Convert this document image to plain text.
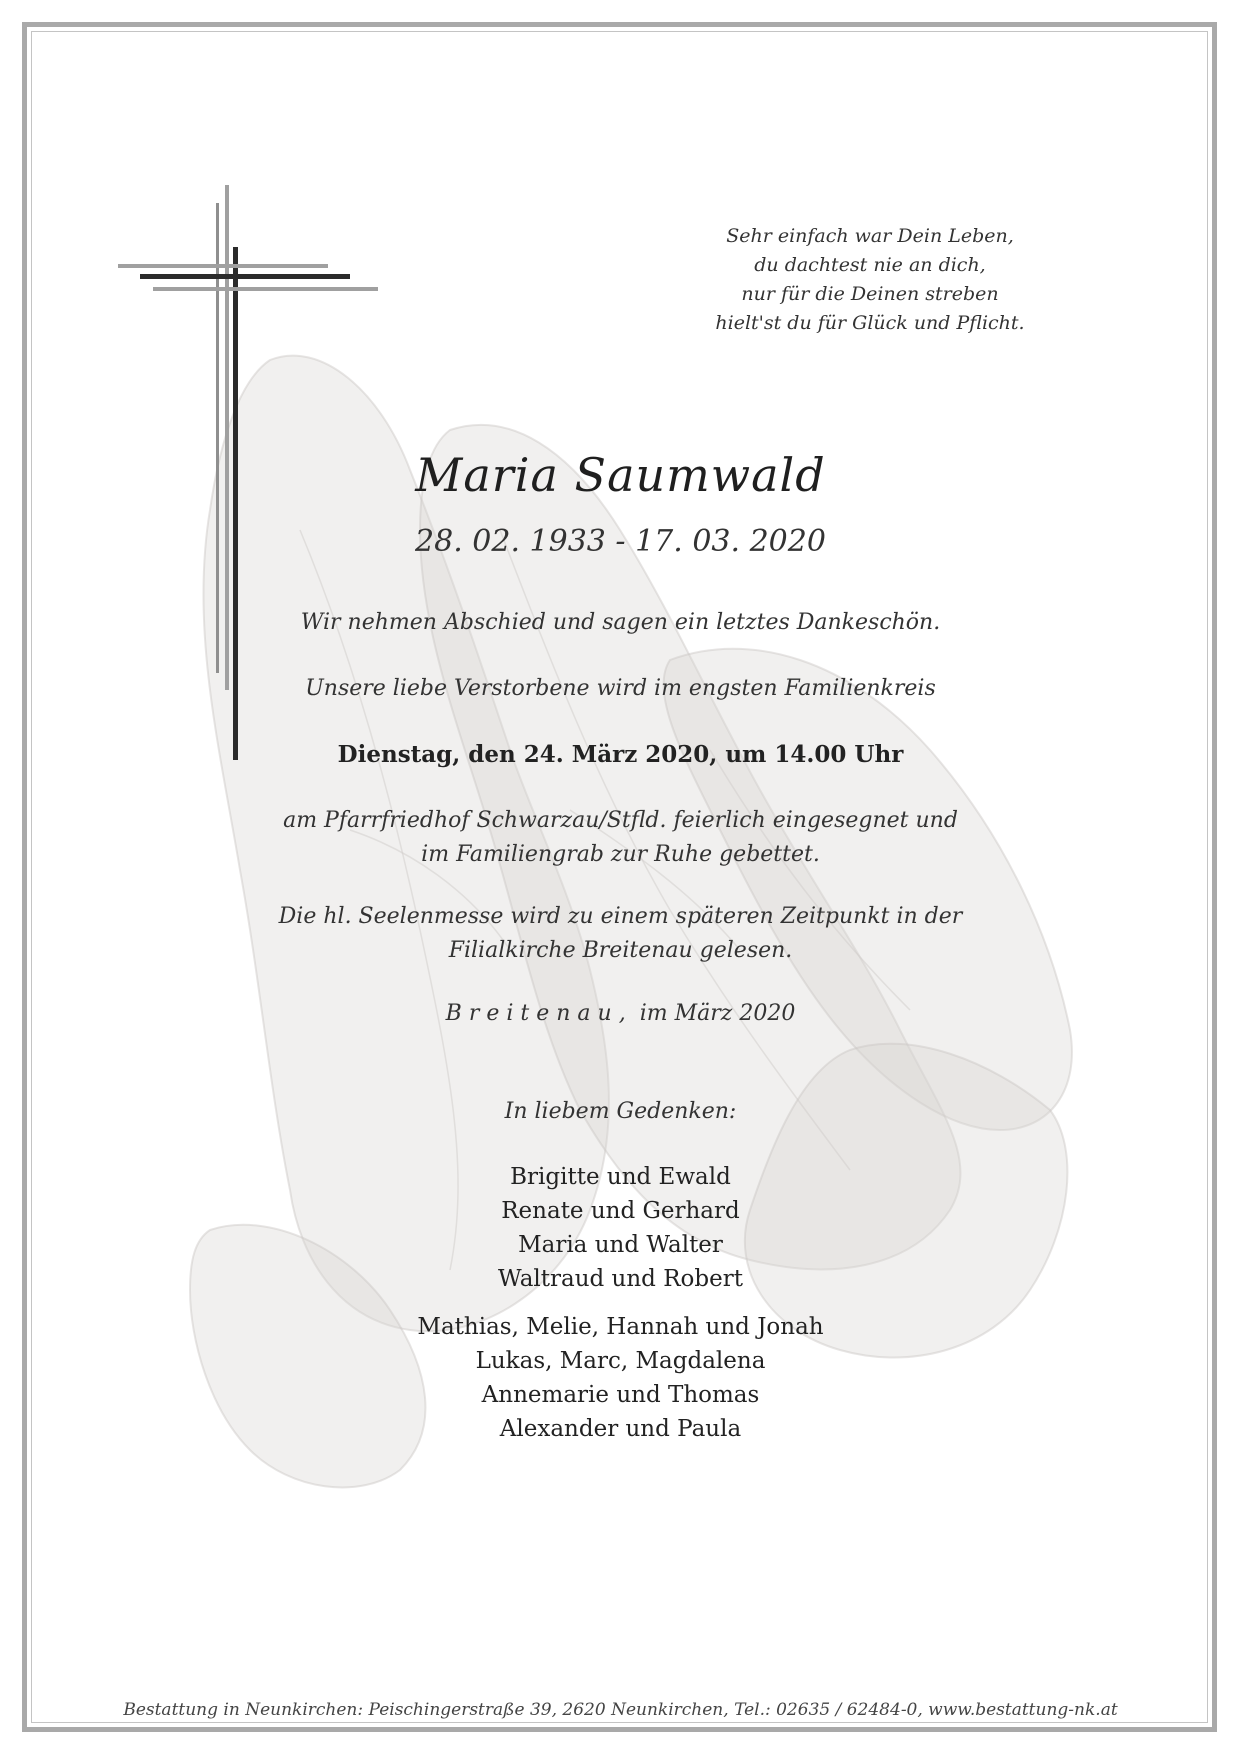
Sehr einfach war Dein Leben,
du dachtest nie an dich,
nur für die Deinen streben
hielt'st du für Glück und Pflicht.
Maria Saumwald
28. 02. 1933 - 17. 03. 2020
Wir nehmen Abschied und sagen ein letztes Dankeschön.
Unsere liebe Verstorbene wird im engsten Familienkreis
Dienstag, den 24. März 2020, um 14.00 Uhr
am Pfarrfriedhof Schwarzau/Stfld. feierlich eingesegnet und
im Familiengrab zur Ruhe gebettet.
Die hl. Seelenmesse wird zu einem späteren Zeitpunkt in der
Filialkirche Breitenau gelesen.
Breitenau, im März 2020
In liebem Gedenken:
Brigitte und Ewald
Renate und Gerhard
Maria und Walter
Waltraud und Robert
Mathias, Melie, Hannah und Jonah
Lukas, Marc, Magdalena
Annemarie und Thomas
Alexander und Paula
Bestattung in Neunkirchen: Peischingerstraße 39, 2620 Neunkirchen, Tel.: 02635 / 62484-0, www.bestattung-nk.at
